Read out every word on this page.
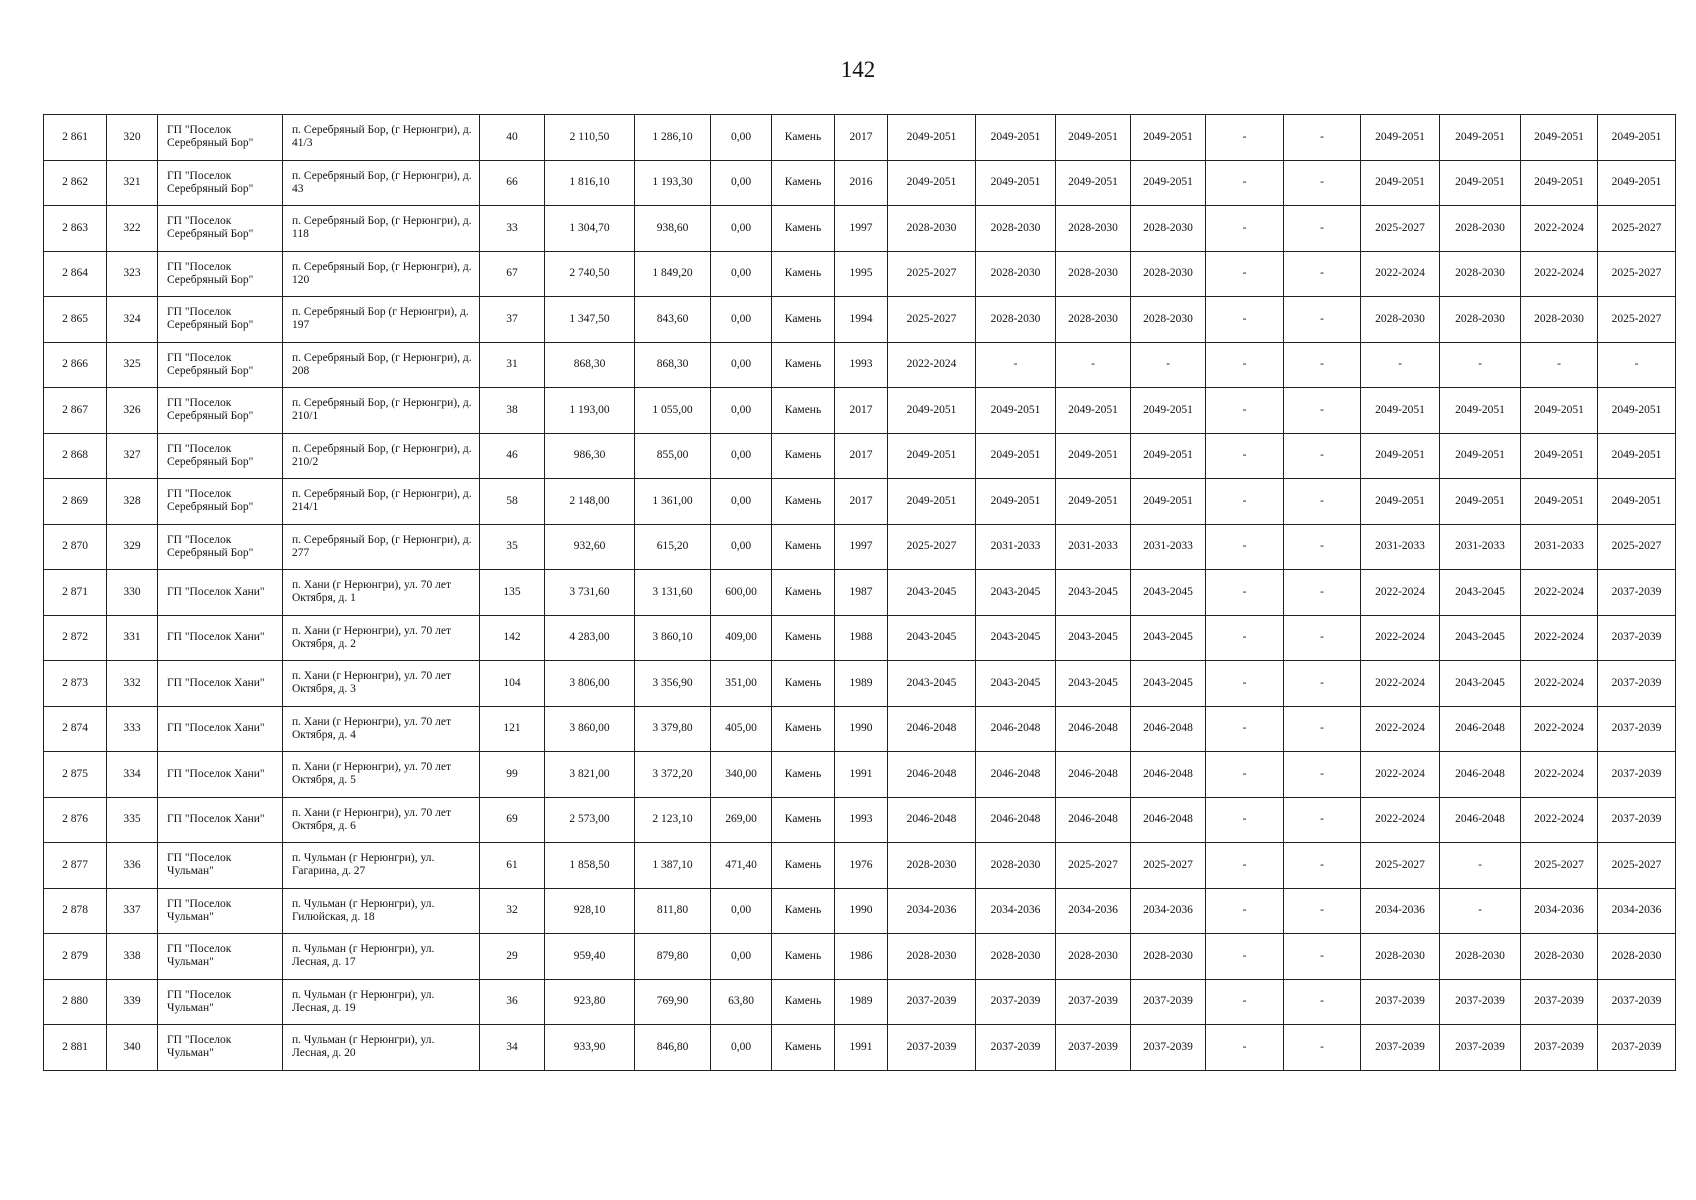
142
2 861	320	ГП "Поселок Серебряный Бор"	п. Серебряный Бор, (г Нерюнгри), д. 41/3	40	2 110,50	1 286,10	0,00	Камень	2017	2049-2051	2049-2051	2049-2051	2049-2051	-	-	2049-2051	2049-2051	2049-2051	2049-2051
2 862	321	ГП "Поселок Серебряный Бор"	п. Серебряный Бор, (г Нерюнгри), д. 43	66	1 816,10	1 193,30	0,00	Камень	2016	2049-2051	2049-2051	2049-2051	2049-2051	-	-	2049-2051	2049-2051	2049-2051	2049-2051
2 863	322	ГП "Поселок Серебряный Бор"	п. Серебряный Бор, (г Нерюнгри), д. 118	33	1 304,70	938,60	0,00	Камень	1997	2028-2030	2028-2030	2028-2030	2028-2030	-	-	2025-2027	2028-2030	2022-2024	2025-2027
2 864	323	ГП "Поселок Серебряный Бор"	п. Серебряный Бор, (г Нерюнгри), д. 120	67	2 740,50	1 849,20	0,00	Камень	1995	2025-2027	2028-2030	2028-2030	2028-2030	-	-	2022-2024	2028-2030	2022-2024	2025-2027
2 865	324	ГП "Поселок Серебряный Бор"	п. Серебряный Бор (г Нерюнгри), д. 197	37	1 347,50	843,60	0,00	Камень	1994	2025-2027	2028-2030	2028-2030	2028-2030	-	-	2028-2030	2028-2030	2028-2030	2025-2027
2 866	325	ГП "Поселок Серебряный Бор"	п. Серебряный Бор, (г Нерюнгри), д. 208	31	868,30	868,30	0,00	Камень	1993	2022-2024	-	-	-	-	-	-	-	-	-
2 867	326	ГП "Поселок Серебряный Бор"	п. Серебряный Бор, (г Нерюнгри), д. 210/1	38	1 193,00	1 055,00	0,00	Камень	2017	2049-2051	2049-2051	2049-2051	2049-2051	-	-	2049-2051	2049-2051	2049-2051	2049-2051
2 868	327	ГП "Поселок Серебряный Бор"	п. Серебряный Бор, (г Нерюнгри), д. 210/2	46	986,30	855,00	0,00	Камень	2017	2049-2051	2049-2051	2049-2051	2049-2051	-	-	2049-2051	2049-2051	2049-2051	2049-2051
2 869	328	ГП "Поселок Серебряный Бор"	п. Серебряный Бор, (г Нерюнгри), д. 214/1	58	2 148,00	1 361,00	0,00	Камень	2017	2049-2051	2049-2051	2049-2051	2049-2051	-	-	2049-2051	2049-2051	2049-2051	2049-2051
2 870	329	ГП "Поселок Серебряный Бор"	п. Серебряный Бор, (г Нерюнгри), д. 277	35	932,60	615,20	0,00	Камень	1997	2025-2027	2031-2033	2031-2033	2031-2033	-	-	2031-2033	2031-2033	2031-2033	2025-2027
2 871	330	ГП "Поселок Хани"	п. Хани (г Нерюнгри), ул. 70 лет Октября, д. 1	135	3 731,60	3 131,60	600,00	Камень	1987	2043-2045	2043-2045	2043-2045	2043-2045	-	-	2022-2024	2043-2045	2022-2024	2037-2039
2 872	331	ГП "Поселок Хани"	п. Хани (г Нерюнгри), ул. 70 лет Октября, д. 2	142	4 283,00	3 860,10	409,00	Камень	1988	2043-2045	2043-2045	2043-2045	2043-2045	-	-	2022-2024	2043-2045	2022-2024	2037-2039
2 873	332	ГП "Поселок Хани"	п. Хани (г Нерюнгри), ул. 70 лет Октября, д. 3	104	3 806,00	3 356,90	351,00	Камень	1989	2043-2045	2043-2045	2043-2045	2043-2045	-	-	2022-2024	2043-2045	2022-2024	2037-2039
2 874	333	ГП "Поселок Хани"	п. Хани (г Нерюнгри), ул. 70 лет Октября, д. 4	121	3 860,00	3 379,80	405,00	Камень	1990	2046-2048	2046-2048	2046-2048	2046-2048	-	-	2022-2024	2046-2048	2022-2024	2037-2039
2 875	334	ГП "Поселок Хани"	п. Хани (г Нерюнгри), ул. 70 лет Октября, д. 5	99	3 821,00	3 372,20	340,00	Камень	1991	2046-2048	2046-2048	2046-2048	2046-2048	-	-	2022-2024	2046-2048	2022-2024	2037-2039
2 876	335	ГП "Поселок Хани"	п. Хани (г Нерюнгри), ул. 70 лет Октября, д. 6	69	2 573,00	2 123,10	269,00	Камень	1993	2046-2048	2046-2048	2046-2048	2046-2048	-	-	2022-2024	2046-2048	2022-2024	2037-2039
2 877	336	ГП "Поселок Чульман"	п. Чульман (г Нерюнгри), ул. Гагарина, д. 27	61	1 858,50	1 387,10	471,40	Камень	1976	2028-2030	2028-2030	2025-2027	2025-2027	-	-	2025-2027	-	2025-2027	2025-2027
2 878	337	ГП "Поселок Чульман"	п. Чульман (г Нерюнгри), ул. Гилюйская, д. 18	32	928,10	811,80	0,00	Камень	1990	2034-2036	2034-2036	2034-2036	2034-2036	-	-	2034-2036	-	2034-2036	2034-2036
2 879	338	ГП "Поселок Чульман"	п. Чульман (г Нерюнгри), ул. Лесная, д. 17	29	959,40	879,80	0,00	Камень	1986	2028-2030	2028-2030	2028-2030	2028-2030	-	-	2028-2030	2028-2030	2028-2030	2028-2030
2 880	339	ГП "Поселок Чульман"	п. Чульман (г Нерюнгри), ул. Лесная, д. 19	36	923,80	769,90	63,80	Камень	1989	2037-2039	2037-2039	2037-2039	2037-2039	-	-	2037-2039	2037-2039	2037-2039	2037-2039
2 881	340	ГП "Поселок Чульман"	п. Чульман (г Нерюнгри), ул. Лесная, д. 20	34	933,90	846,80	0,00	Камень	1991	2037-2039	2037-2039	2037-2039	2037-2039	-	-	2037-2039	2037-2039	2037-2039	2037-2039
